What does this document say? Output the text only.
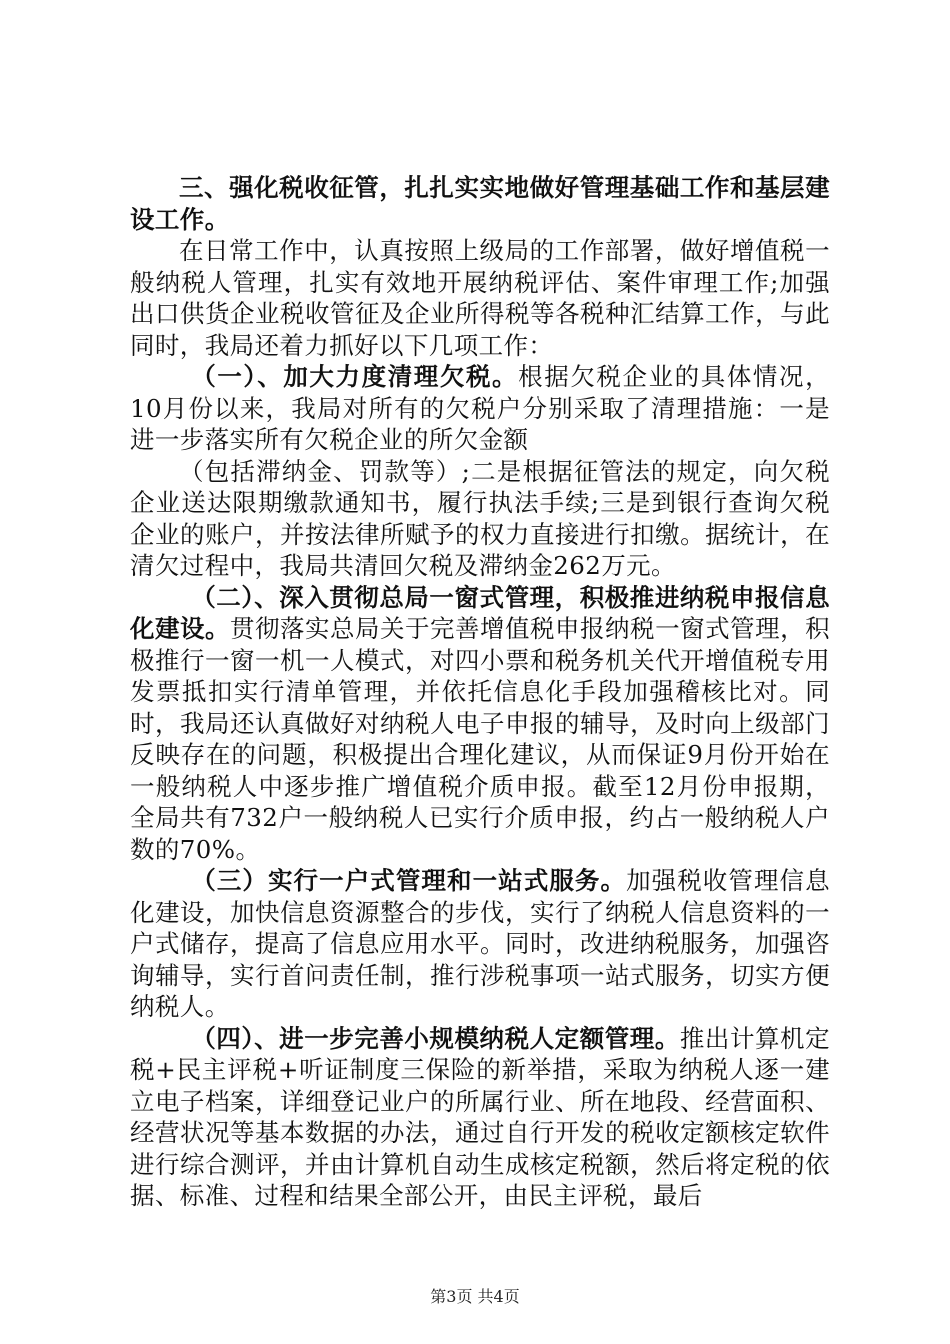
三、强化税收征管，扎扎实实地做好管理基础工作和基层建设工作。

在日常工作中，认真按照上级局的工作部署，做好增值税一般纳税人管理，扎实有效地开展纳税评估、案件审理工作;加强出口供货企业税收管征及企业所得税等各税种汇结算工作，与此同时，我局还着力抓好以下几项工作：

（一）、加大力度清理欠税。根据欠税企业的具体情况，10月份以来，我局对所有的欠税户分别采取了清理措施：一是进一步落实所有欠税企业的所欠金额

（包括滞纳金、罚款等）;二是根据征管法的规定，向欠税企业送达限期缴款通知书，履行执法手续;三是到银行查询欠税企业的账户，并按法律所赋予的权力直接进行扣缴。据统计，在清欠过程中，我局共清回欠税及滞纳金262万元。

（二）、深入贯彻总局一窗式管理，积极推进纳税申报信息化建设。贯彻落实总局关于完善增值税申报纳税一窗式管理，积极推行一窗一机一人模式，对四小票和税务机关代开增值税专用发票抵扣实行清单管理，并依托信息化手段加强稽核比对。同时，我局还认真做好对纳税人电子申报的辅导，及时向上级部门反映存在的问题，积极提出合理化建议，从而保证9月份开始在一般纳税人中逐步推广增值税介质申报。截至12月份申报期，全局共有732户一般纳税人已实行介质申报，约占一般纳税人户数的70%。

（三）实行一户式管理和一站式服务。加强税收管理信息化建设，加快信息资源整合的步伐，实行了纳税人信息资料的一户式储存，提高了信息应用水平。同时，改进纳税服务，加强咨询辅导，实行首问责任制，推行涉税事项一站式服务，切实方便纳税人。

（四）、进一步完善小规模纳税人定额管理。推出计算机定税+民主评税+听证制度三保险的新举措，采取为纳税人逐一建立电子档案，详细登记业户的所属行业、所在地段、经营面积、经营状况等基本数据的办法，通过自行开发的税收定额核定软件进行综合测评，并由计算机自动生成核定税额，然后将定税的依据、标准、过程和结果全部公开，由民主评税，最后

第3页 共4页
